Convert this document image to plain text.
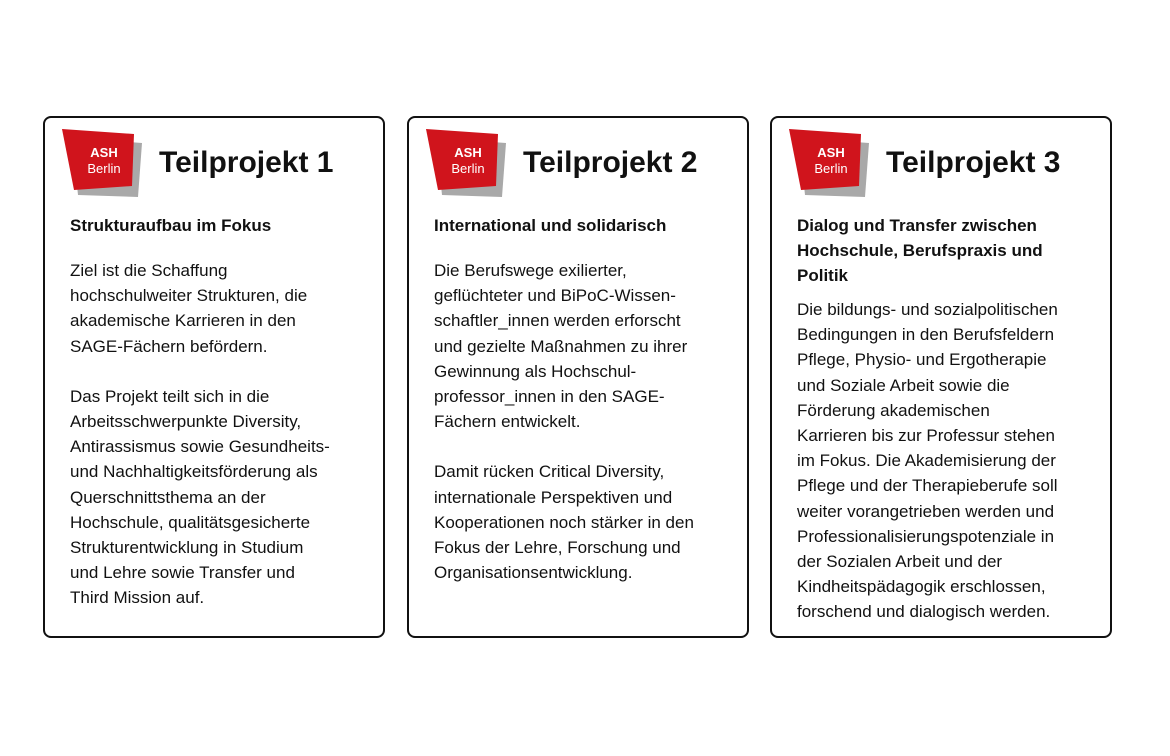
ASH
Berlin Teilprojekt 1
Strukturaufbau im Fokus

Ziel ist die Schaffung
hochschulweiter Strukturen, die
akademische Karrieren in den
SAGE-Fächern befördern.

Das Projekt teilt sich in die
Arbeitsschwerpunkte Diversity,
Antirassismus sowie Gesundheits-
und Nachhaltigkeitsförderung als
Querschnittsthema an der
Hochschule, qualitätsgesicherte
Strukturentwicklung in Studium
und Lehre sowie Transfer und
Third Mission auf.

ASH
Berlin Teilprojekt 2
International und solidarisch

Die Berufswege exilierter,
geflüchteter und BiPoC-Wissen-
schaftler_innen werden erforscht
und gezielte Maßnahmen zu ihrer
Gewinnung als Hochschul-
professor_innen in den SAGE-
Fächern entwickelt.

Damit rücken Critical Diversity,
internationale Perspektiven und
Kooperationen noch stärker in den
Fokus der Lehre, Forschung und
Organisationsentwicklung.

ASH
Berlin Teilprojekt 3
Dialog und Transfer zwischen
Hochschule, Berufspraxis und
Politik

Die bildungs- und sozialpolitischen
Bedingungen in den Berufsfeldern
Pflege, Physio- und Ergotherapie
und Soziale Arbeit sowie die
Förderung akademischen
Karrieren bis zur Professur stehen
im Fokus. Die Akademisierung der
Pflege und der Therapieberufe soll
weiter vorangetrieben werden und
Professionalisierungspotenziale in
der Sozialen Arbeit und der
Kindheitspädagogik erschlossen,
forschend und dialogisch werden.
